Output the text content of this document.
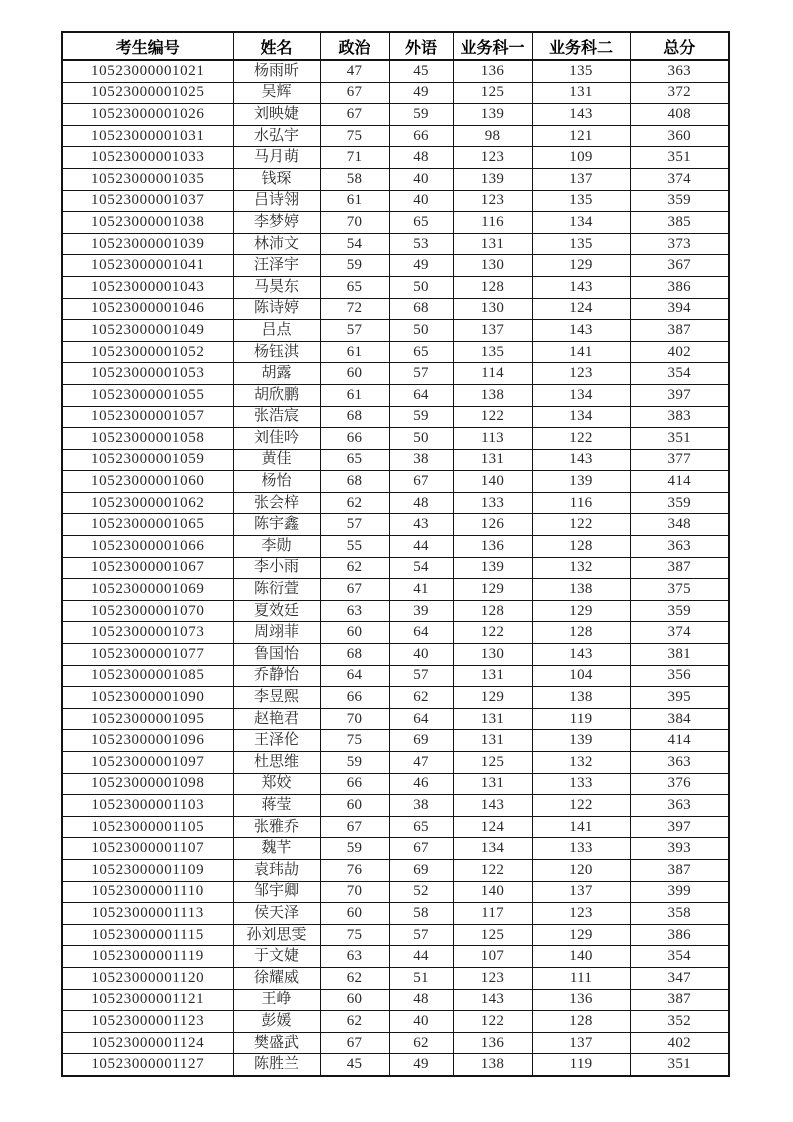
考生编号	姓名	政治	外语	业务科一	业务科二	总分
10523000001021	杨雨昕	47	45	136	135	363
10523000001025	吴辉	67	49	125	131	372
10523000001026	刘映婕	67	59	139	143	408
10523000001031	水弘宇	75	66	98	121	360
10523000001033	马月萌	71	48	123	109	351
10523000001035	钱琛	58	40	139	137	374
10523000001037	吕诗翎	61	40	123	135	359
10523000001038	李梦婷	70	65	116	134	385
10523000001039	林沛文	54	53	131	135	373
10523000001041	汪泽宇	59	49	130	129	367
10523000001043	马昊东	65	50	128	143	386
10523000001046	陈诗婷	72	68	130	124	394
10523000001049	吕点	57	50	137	143	387
10523000001052	杨钰淇	61	65	135	141	402
10523000001053	胡露	60	57	114	123	354
10523000001055	胡欣鹏	61	64	138	134	397
10523000001057	张浩宸	68	59	122	134	383
10523000001058	刘佳吟	66	50	113	122	351
10523000001059	黄佳	65	38	131	143	377
10523000001060	杨怡	68	67	140	139	414
10523000001062	张会梓	62	48	133	116	359
10523000001065	陈宇鑫	57	43	126	122	348
10523000001066	李勋	55	44	136	128	363
10523000001067	李小雨	62	54	139	132	387
10523000001069	陈衍萱	67	41	129	138	375
10523000001070	夏效廷	63	39	128	129	359
10523000001073	周翊菲	60	64	122	128	374
10523000001077	鲁国怡	68	40	130	143	381
10523000001085	乔静怡	64	57	131	104	356
10523000001090	李昱熙	66	62	129	138	395
10523000001095	赵艳君	70	64	131	119	384
10523000001096	王泽伦	75	69	131	139	414
10523000001097	杜思维	59	47	125	132	363
10523000001098	郑姣	66	46	131	133	376
10523000001103	蒋莹	60	38	143	122	363
10523000001105	张雅乔	67	65	124	141	397
10523000001107	魏芊	59	67	134	133	393
10523000001109	袁玮劼	76	69	122	120	387
10523000001110	邹宇卿	70	52	140	137	399
10523000001113	侯天泽	60	58	117	123	358
10523000001115	孙刘思雯	75	57	125	129	386
10523000001119	于文婕	63	44	107	140	354
10523000001120	徐耀威	62	51	123	111	347
10523000001121	王峥	60	48	143	136	387
10523000001123	彭媛	62	40	122	128	352
10523000001124	樊盛武	67	62	136	137	402
10523000001127	陈胜兰	45	49	138	119	351
